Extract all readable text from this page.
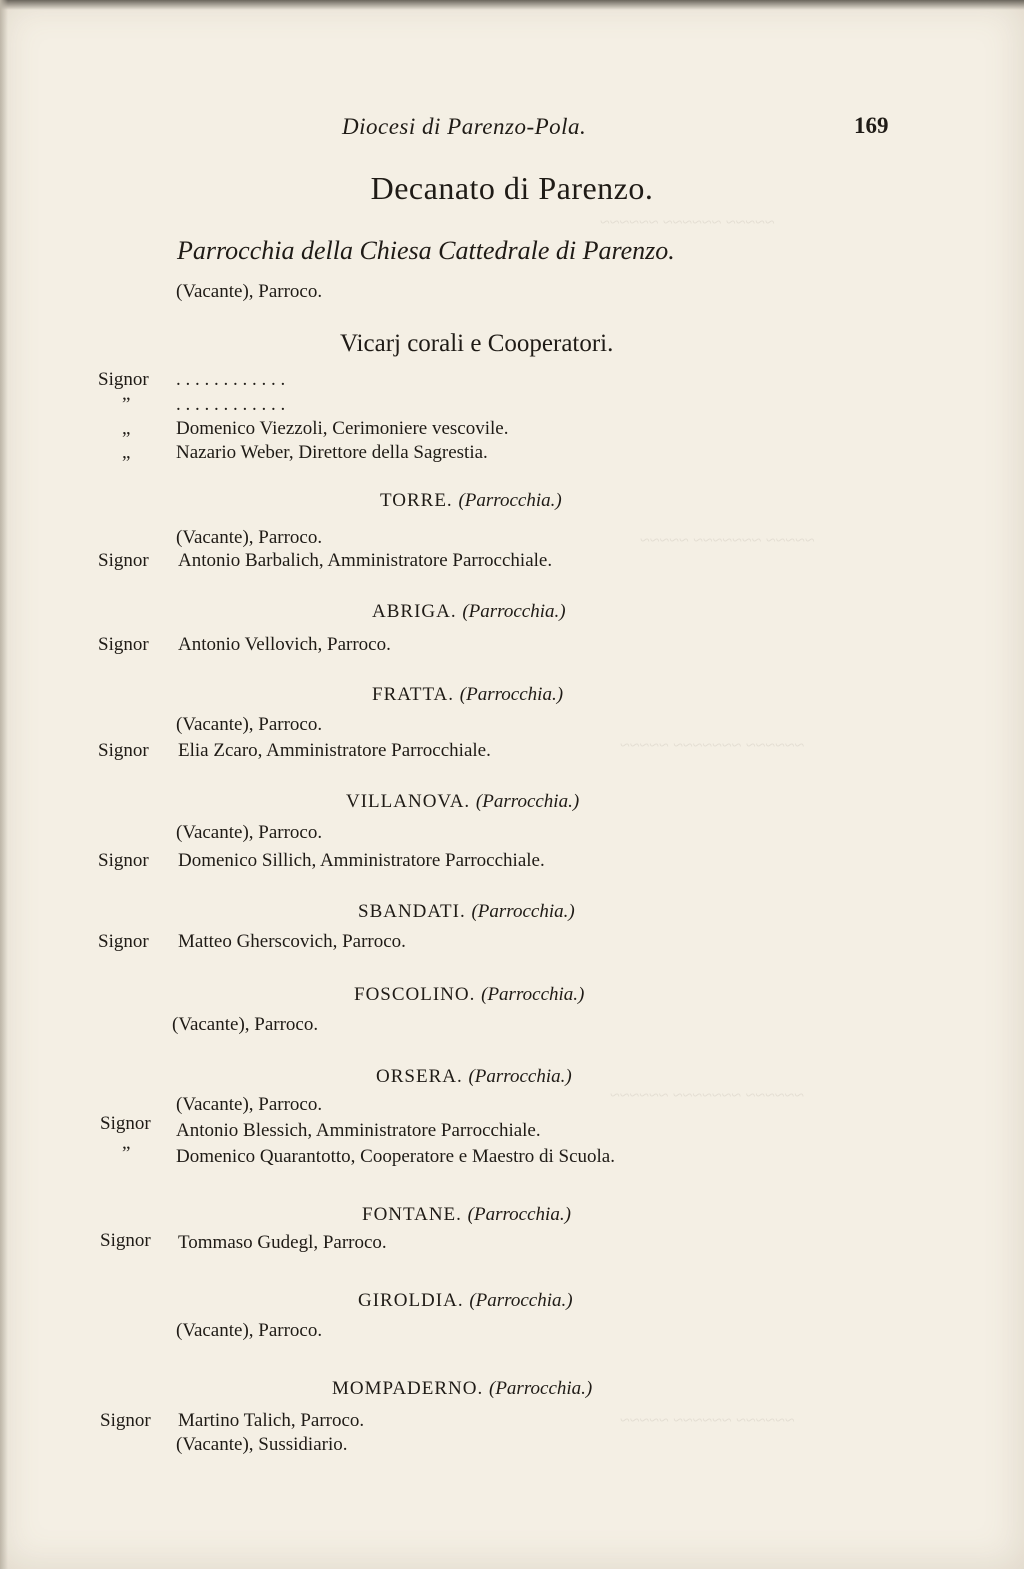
~~~~~ ~~~~~~ ~~~~~~
~~~~~ ~~~~~~~ ~~~~~
~~~~~~ ~~~~~~~ ~~~~~
~~~~~~ ~~~~~~~ ~~~~~~
~~~~~~ ~~~~~~ ~~~~~
Diocesi di Parenzo-Pola.	169
Decanato di Parenzo.
Parrocchia della Chiesa Cattedrale di Parenzo.
(Vacante), Parroco.
Vicarj corali e Cooperatori.
Signor . . . . . . . . . . . .
” . . . . . . . . . . . .
„ Domenico Viezzoli, Cerimoniere vescovile.
„ Nazario Weber, Direttore della Sagrestia.
TORRE. (Parrocchia.)
(Vacante), Parroco.
Signor Antonio Barbalich, Amministratore Parrocchiale.
ABRIGA. (Parrocchia.)
Signor Antonio Vellovich, Parroco.
FRATTA. (Parrocchia.)
(Vacante), Parroco.
Signor Elia Zcaro, Amministratore Parrocchiale.
VILLANOVA. (Parrocchia.)
(Vacante), Parroco.
Signor Domenico Sillich, Amministratore Parrocchiale.
SBANDATI. (Parrocchia.)
Signor Matteo Gherscovich, Parroco.
FOSCOLINO. (Parrocchia.)
(Vacante), Parroco.
ORSERA. (Parrocchia.)
(Vacante), Parroco.
Signor Antonio Blessich, Amministratore Parrocchiale.
” Domenico Quarantotto, Cooperatore e Maestro di Scuola.
FONTANE. (Parrocchia.)
Signor Tommaso Gudegl, Parroco.
GIROLDIA. (Parrocchia.)
(Vacante), Parroco.
MOMPADERNO. (Parrocchia.)
Signor Martino Talich, Parroco.
(Vacante), Sussidiario.
